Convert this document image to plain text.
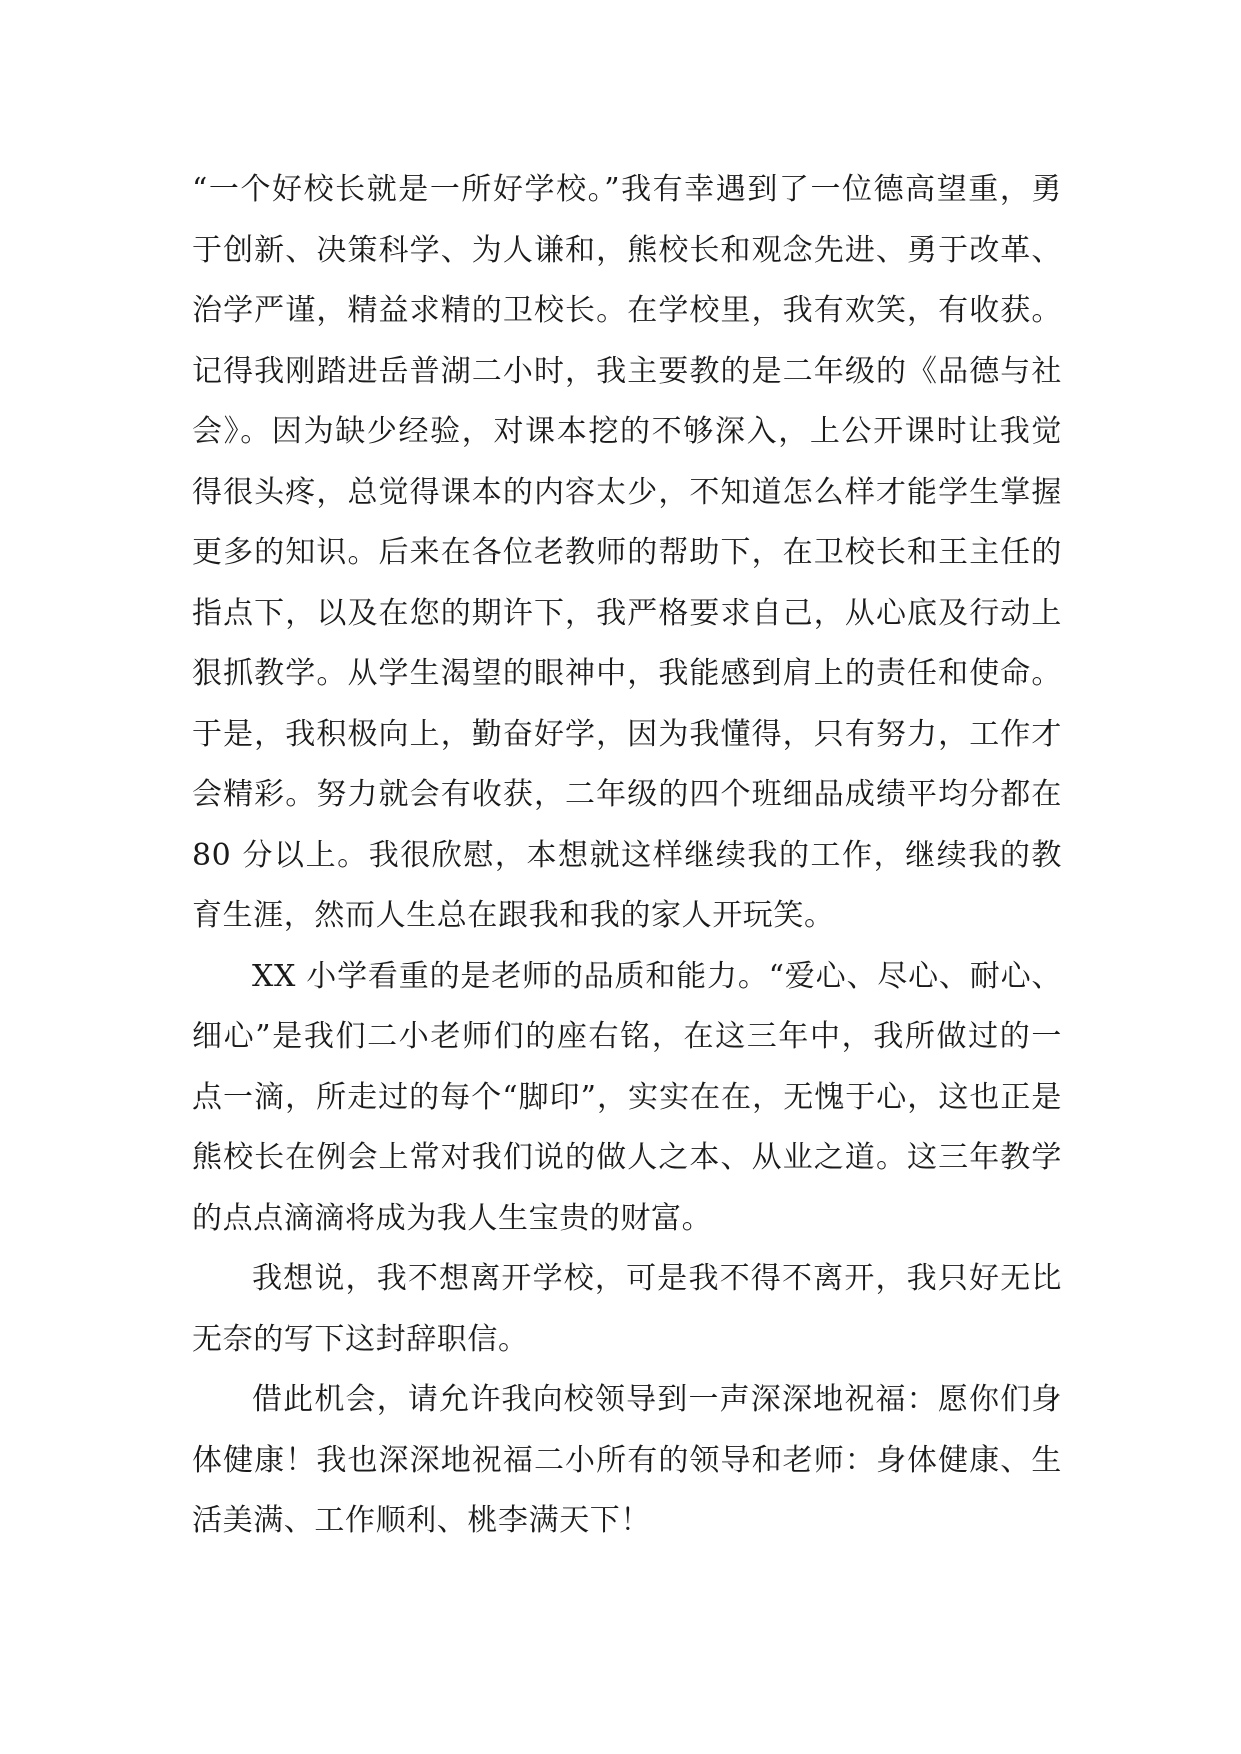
“一个好校长就是一所好学校。”我有幸遇到了一位德高望重，勇于创新、决策科学、为人谦和，熊校长和观念先进、勇于改革、治学严谨，精益求精的卫校长。在学校里，我有欢笑，有收获。记得我刚踏进岳普湖二小时，我主要教的是二年级的《品德与社会》。因为缺少经验，对课本挖的不够深入，上公开课时让我觉得很头疼，总觉得课本的内容太少，不知道怎么样才能学生掌握更多的知识。后来在各位老教师的帮助下，在卫校长和王主任的指点下，以及在您的期许下，我严格要求自己，从心底及行动上狠抓教学。从学生渴望的眼神中，我能感到肩上的责任和使命。于是，我积极向上，勤奋好学，因为我懂得，只有努力，工作才会精彩。努力就会有收获，二年级的四个班细品成绩平均分都在 80 分以上。我很欣慰，本想就这样继续我的工作，继续我的教育生涯，然而人生总在跟我和我的家人开玩笑。

XX 小学看重的是老师的品质和能力。“爱心、尽心、耐心、细心”是我们二小老师们的座右铭，在这三年中，我所做过的一点一滴，所走过的每个“脚印”，实实在在，无愧于心，这也正是熊校长在例会上常对我们说的做人之本、从业之道。这三年教学的点点滴滴将成为我人生宝贵的财富。

我想说，我不想离开学校，可是我不得不离开，我只好无比无奈的写下这封辞职信。

借此机会，请允许我向校领导到一声深深地祝福：愿你们身体健康！我也深深地祝福二小所有的领导和老师：身体健康、生活美满、工作顺利、桃李满天下！
